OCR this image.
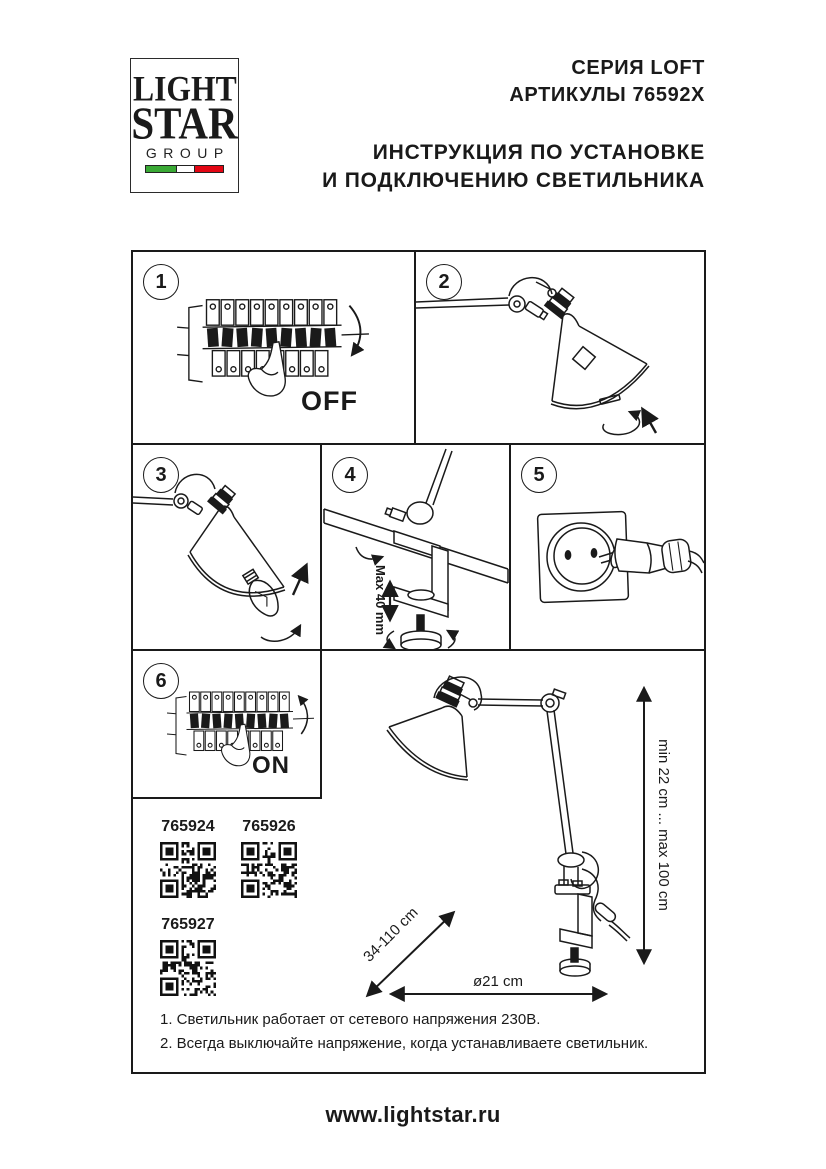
LIGHT
STAR
GROUP
СЕРИЯ LOFT
АРТИКУЛЫ 76592X
ИНСТРУКЦИЯ ПО УСТАНОВКЕ
И ПОДКЛЮЧЕНИЮ СВЕТИЛЬНИКА
1
OFF
2
3	4
Max 40 mm
5
6
ON
765924	765926
765927
min 22 cm ... max 100 cm
34-110 cm
ø21 cm
1. Светильник работает от сетевого напряжения 230В.
2. Всегда выключайте напряжение, когда устанавливаете светильник.
www.lightstar.ru
